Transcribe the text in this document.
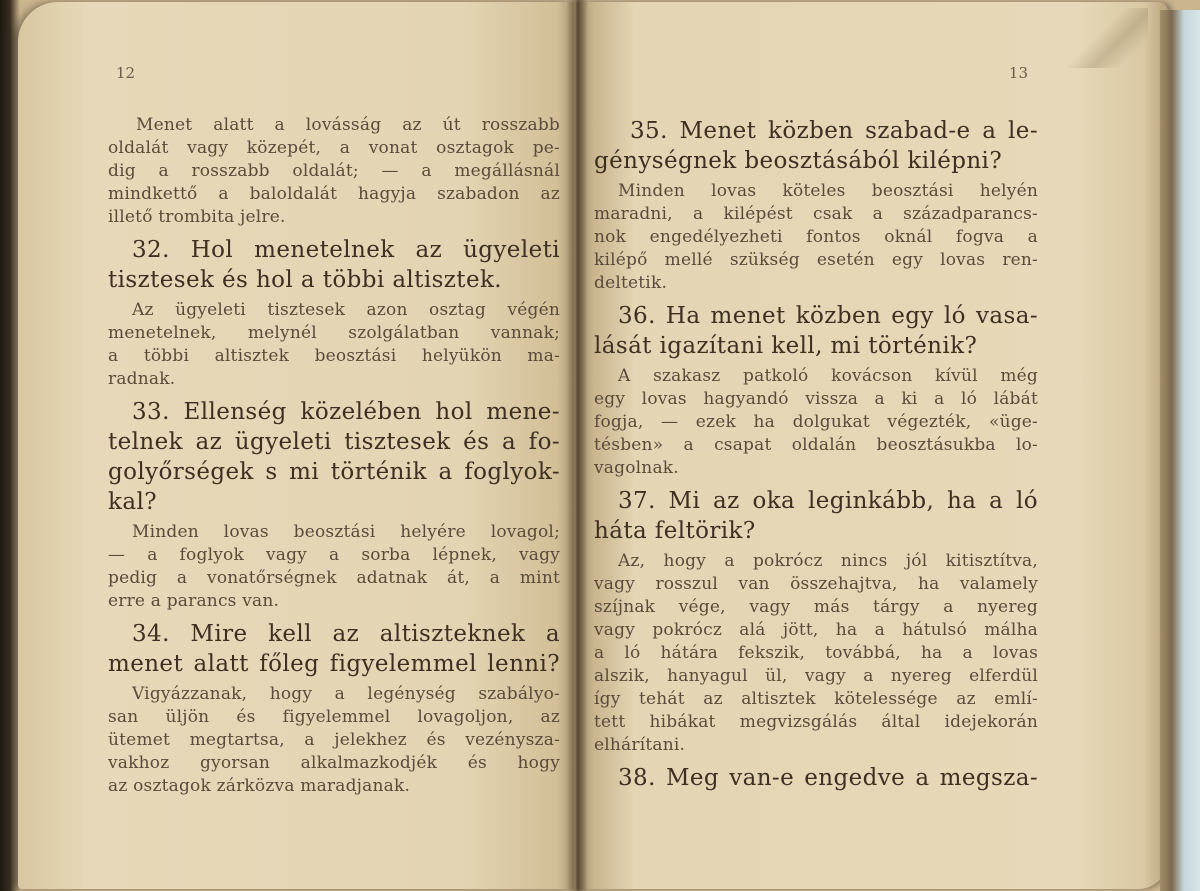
12
Menet alatt a lovásság az út rosszabb
oldalát vagy közepét, a vonat osztagok pe-
dig a rosszabb oldalát; — a megállásnál
mindkettő a baloldalát hagyja szabadon az
illető trombita jelre.
32. Hol menetelnek az ügyeleti
tisztesek és hol a többi altisztek.
Az ügyeleti tisztesek azon osztag végén
menetelnek, melynél szolgálatban vannak;
a többi altisztek beosztási helyükön ma-
radnak.
33. Ellenség közelében hol mene-
telnek az ügyeleti tisztesek és a fo-
golyőrségek s mi történik a foglyok-
kal?
Minden lovas beosztási helyére lovagol;
— a foglyok vagy a sorba lépnek, vagy
pedig a vonatőrségnek adatnak át, a mint
erre a parancs van.
34. Mire kell az altiszteknek a
menet alatt főleg figyelemmel lenni?
Vigyázzanak, hogy a legénység szabályo-
san üljön és figyelemmel lovagoljon, az
ütemet megtartsa, a jelekhez és vezényszа-
vakhoz gyorsan alkalmazkodjék és hogy
az osztagok zárközva maradjanak.
13
35. Menet közben szabad-e a le-
génységnek beosztásából kilépni?
Minden lovas köteles beosztási helyén
maradni, a kilépést csak a századparancs-
nok engedélyezheti fontos oknál fogva a
kilépő mellé szükség esetén egy lovas ren-
deltetik.
36. Ha menet közben egy ló vasa-
lását igazítani kell, mi történik?
A szakasz patkoló kovácson kívül még
egy lovas hagyandó vissza a ki a ló lábát
fogja, — ezek ha dolgukat végezték, «üge-
tésben» a csapat oldalán beosztásukba lo-
vagolnak.
37. Mi az oka leginkább, ha a ló
háta feltörik?
Az, hogy a pokrócz nincs jól kitisztítva,
vagy rosszul van összehajtva, ha valamely
szíjnak vége, vagy más tárgy a nyereg
vagy pokrócz alá jött, ha a hátulsó málha
a ló hátára fekszik, továbbá, ha a lovas
alszik, hanyagul ül, vagy a nyereg elferdül
így tehát az altisztek kötelessége az emlí-
tett hibákat megvizsgálás által idejekorán
elhárítani.
38. Meg van-e engedve a megsza-
